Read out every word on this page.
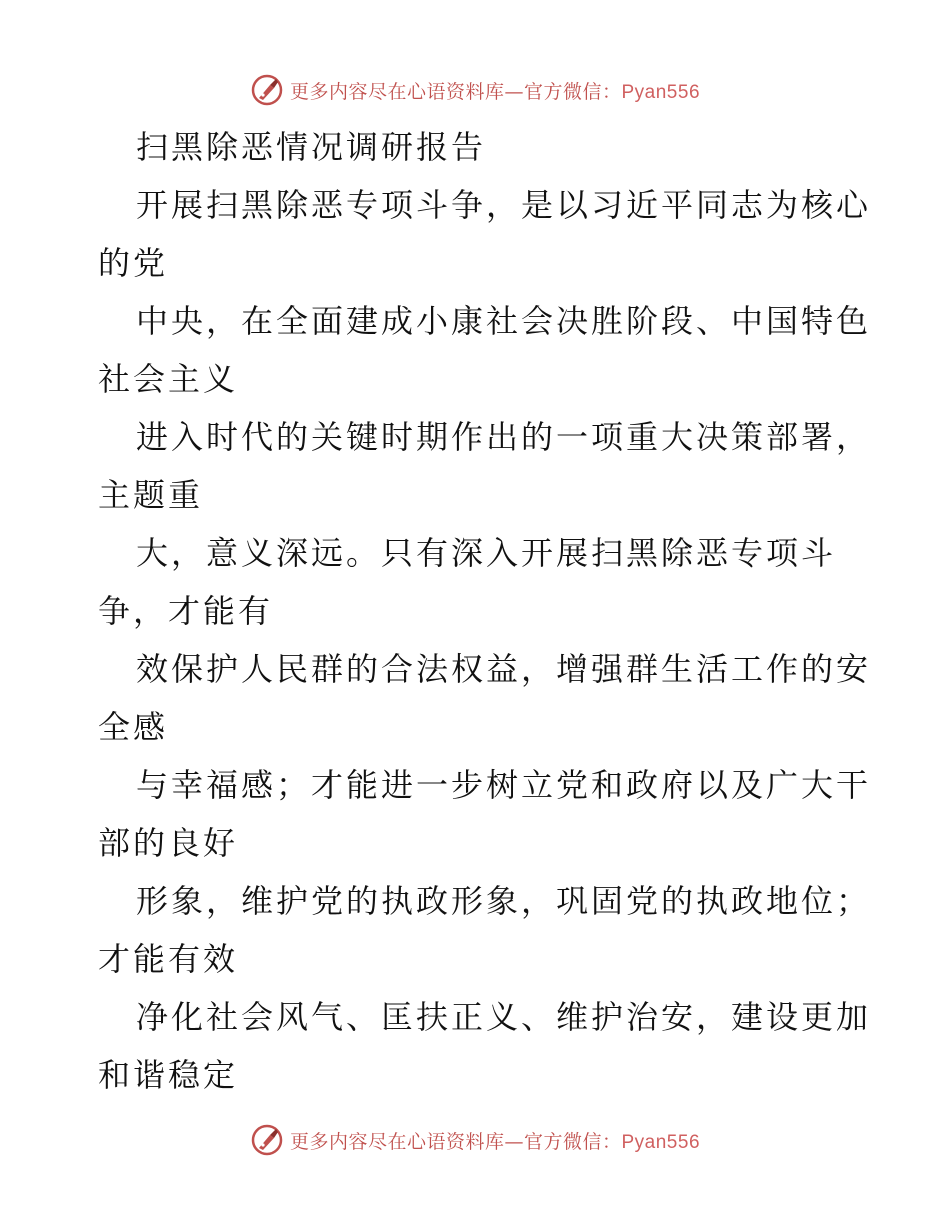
更多内容尽在心语资料库—官方微信：Pyan556
扫黑除恶情况调研报告
开展扫黑除恶专项斗争，是以习近平同志为核心
的党
中央，在全面建成小康社会决胜阶段、中国特色
社会主义
进入时代的关键时期作出的一项重大决策部署，
主题重
大，意义深远。只有深入开展扫黑除恶专项斗
争，才能有
效保护人民群的合法权益，增强群生活工作的安
全感
与幸福感；才能进一步树立党和政府以及广大干
部的良好
形象，维护党的执政形象，巩固党的执政地位；
才能有效
净化社会风气、匡扶正义、维护治安，建设更加
和谐稳定
更多内容尽在心语资料库—官方微信：Pyan556
